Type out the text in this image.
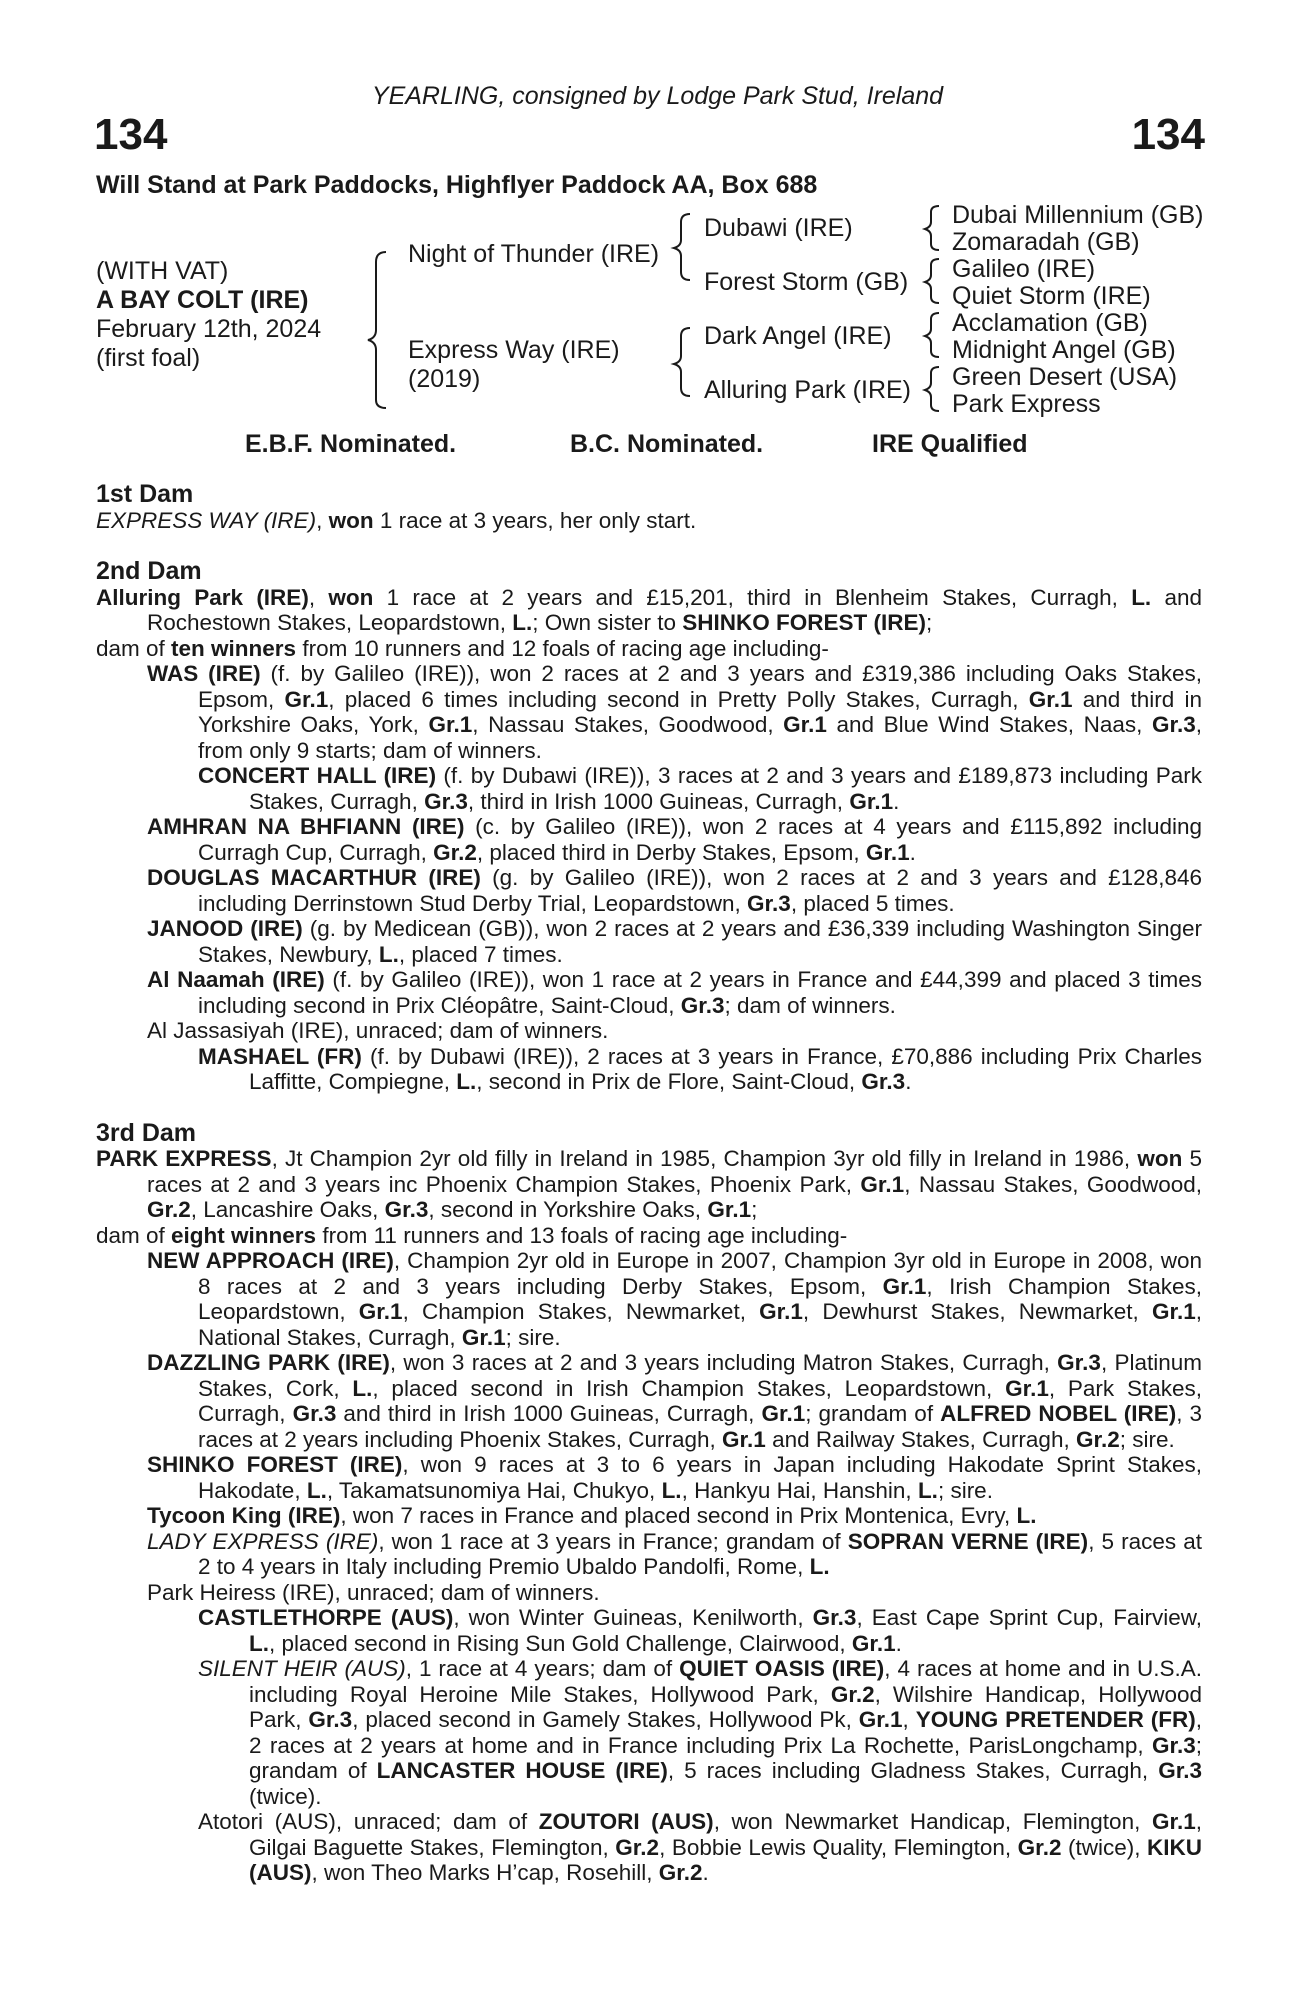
YEARLING, consigned by Lodge Park Stud, Ireland
134	134
Will Stand at Park Paddocks, Highflyer Paddock AA, Box 688
(WITH VAT)
A BAY COLT (IRE)
February 12th, 2024
(first foal)
Night of Thunder (IRE)
Express Way (IRE)
(2019)
Dubawi (IRE)
Forest Storm (GB)
Dark Angel (IRE)
Alluring Park (IRE)
Dubai Millennium (GB)
Zomaradah (GB)
Galileo (IRE)
Quiet Storm (IRE)
Acclamation (GB)
Midnight Angel (GB)
Green Desert (USA)
Park Express
E.B.F. Nominated.	B.C. Nominated.	IRE Qualified
1st Dam
EXPRESS WAY (IRE), won 1 race at 3 years, her only start.
2nd Dam
Alluring Park (IRE), won 1 race at 2 years and £15,201, third in Blenheim Stakes, Curragh, L. and Rochestown Stakes, Leopardstown, L.; Own sister to SHINKO FOREST (IRE);
dam of ten winners from 10 runners and 12 foals of racing age including-
WAS (IRE) (f. by Galileo (IRE)), won 2 races at 2 and 3 years and £319,386 including Oaks Stakes, Epsom, Gr.1, placed 6 times including second in Pretty Polly Stakes, Curragh, Gr.1 and third in Yorkshire Oaks, York, Gr.1, Nassau Stakes, Goodwood, Gr.1 and Blue Wind Stakes, Naas, Gr.3, from only 9 starts; dam of winners.
CONCERT HALL (IRE) (f. by Dubawi (IRE)), 3 races at 2 and 3 years and £189,873 including Park Stakes, Curragh, Gr.3, third in Irish 1000 Guineas, Curragh, Gr.1.
AMHRAN NA BHFIANN (IRE) (c. by Galileo (IRE)), won 2 races at 4 years and £115,892 including Curragh Cup, Curragh, Gr.2, placed third in Derby Stakes, Epsom, Gr.1.
DOUGLAS MACARTHUR (IRE) (g. by Galileo (IRE)), won 2 races at 2 and 3 years and £128,846 including Derrinstown Stud Derby Trial, Leopardstown, Gr.3, placed 5 times.
JANOOD (IRE) (g. by Medicean (GB)), won 2 races at 2 years and £36,339 including Washington Singer Stakes, Newbury, L., placed 7 times.
Al Naamah (IRE) (f. by Galileo (IRE)), won 1 race at 2 years in France and £44,399 and placed 3 times including second in Prix Cléopâtre, Saint-Cloud, Gr.3; dam of winners.
Al Jassasiyah (IRE), unraced; dam of winners.
MASHAEL (FR) (f. by Dubawi (IRE)), 2 races at 3 years in France, £70,886 including Prix Charles Laffitte, Compiegne, L., second in Prix de Flore, Saint-Cloud, Gr.3.
3rd Dam
PARK EXPRESS, Jt Champion 2yr old filly in Ireland in 1985, Champion 3yr old filly in Ireland in 1986, won 5 races at 2 and 3 years inc Phoenix Champion Stakes, Phoenix Park, Gr.1, Nassau Stakes, Goodwood, Gr.2, Lancashire Oaks, Gr.3, second in Yorkshire Oaks, Gr.1;
dam of eight winners from 11 runners and 13 foals of racing age including-
NEW APPROACH (IRE), Champion 2yr old in Europe in 2007, Champion 3yr old in Europe in 2008, won 8 races at 2 and 3 years including Derby Stakes, Epsom, Gr.1, Irish Champion Stakes, Leopardstown, Gr.1, Champion Stakes, Newmarket, Gr.1, Dewhurst Stakes, Newmarket, Gr.1, National Stakes, Curragh, Gr.1; sire.
DAZZLING PARK (IRE), won 3 races at 2 and 3 years including Matron Stakes, Curragh, Gr.3, Platinum Stakes, Cork, L., placed second in Irish Champion Stakes, Leopardstown, Gr.1, Park Stakes, Curragh, Gr.3 and third in Irish 1000 Guineas, Curragh, Gr.1; grandam of ALFRED NOBEL (IRE), 3 races at 2 years including Phoenix Stakes, Curragh, Gr.1 and Railway Stakes, Curragh, Gr.2; sire.
SHINKO FOREST (IRE), won 9 races at 3 to 6 years in Japan including Hakodate Sprint Stakes, Hakodate, L., Takamatsunomiya Hai, Chukyo, L., Hankyu Hai, Hanshin, L.; sire.
Tycoon King (IRE), won 7 races in France and placed second in Prix Montenica, Evry, L.
LADY EXPRESS (IRE), won 1 race at 3 years in France; grandam of SOPRAN VERNE (IRE), 5 races at 2 to 4 years in Italy including Premio Ubaldo Pandolfi, Rome, L.
Park Heiress (IRE), unraced; dam of winners.
CASTLETHORPE (AUS), won Winter Guineas, Kenilworth, Gr.3, East Cape Sprint Cup, Fairview, L., placed second in Rising Sun Gold Challenge, Clairwood, Gr.1.
SILENT HEIR (AUS), 1 race at 4 years; dam of QUIET OASIS (IRE), 4 races at home and in U.S.A. including Royal Heroine Mile Stakes, Hollywood Park, Gr.2, Wilshire Handicap, Hollywood Park, Gr.3, placed second in Gamely Stakes, Hollywood Pk, Gr.1, YOUNG PRETENDER (FR), 2 races at 2 years at home and in France including Prix La Rochette, ParisLongchamp, Gr.3; grandam of LANCASTER HOUSE (IRE), 5 races including Gladness Stakes, Curragh, Gr.3 (twice).
Atotori (AUS), unraced; dam of ZOUTORI (AUS), won Newmarket Handicap, Flemington, Gr.1, Gilgai Baguette Stakes, Flemington, Gr.2, Bobbie Lewis Quality, Flemington, Gr.2 (twice), KIKU (AUS), won Theo Marks H’cap, Rosehill, Gr.2.
